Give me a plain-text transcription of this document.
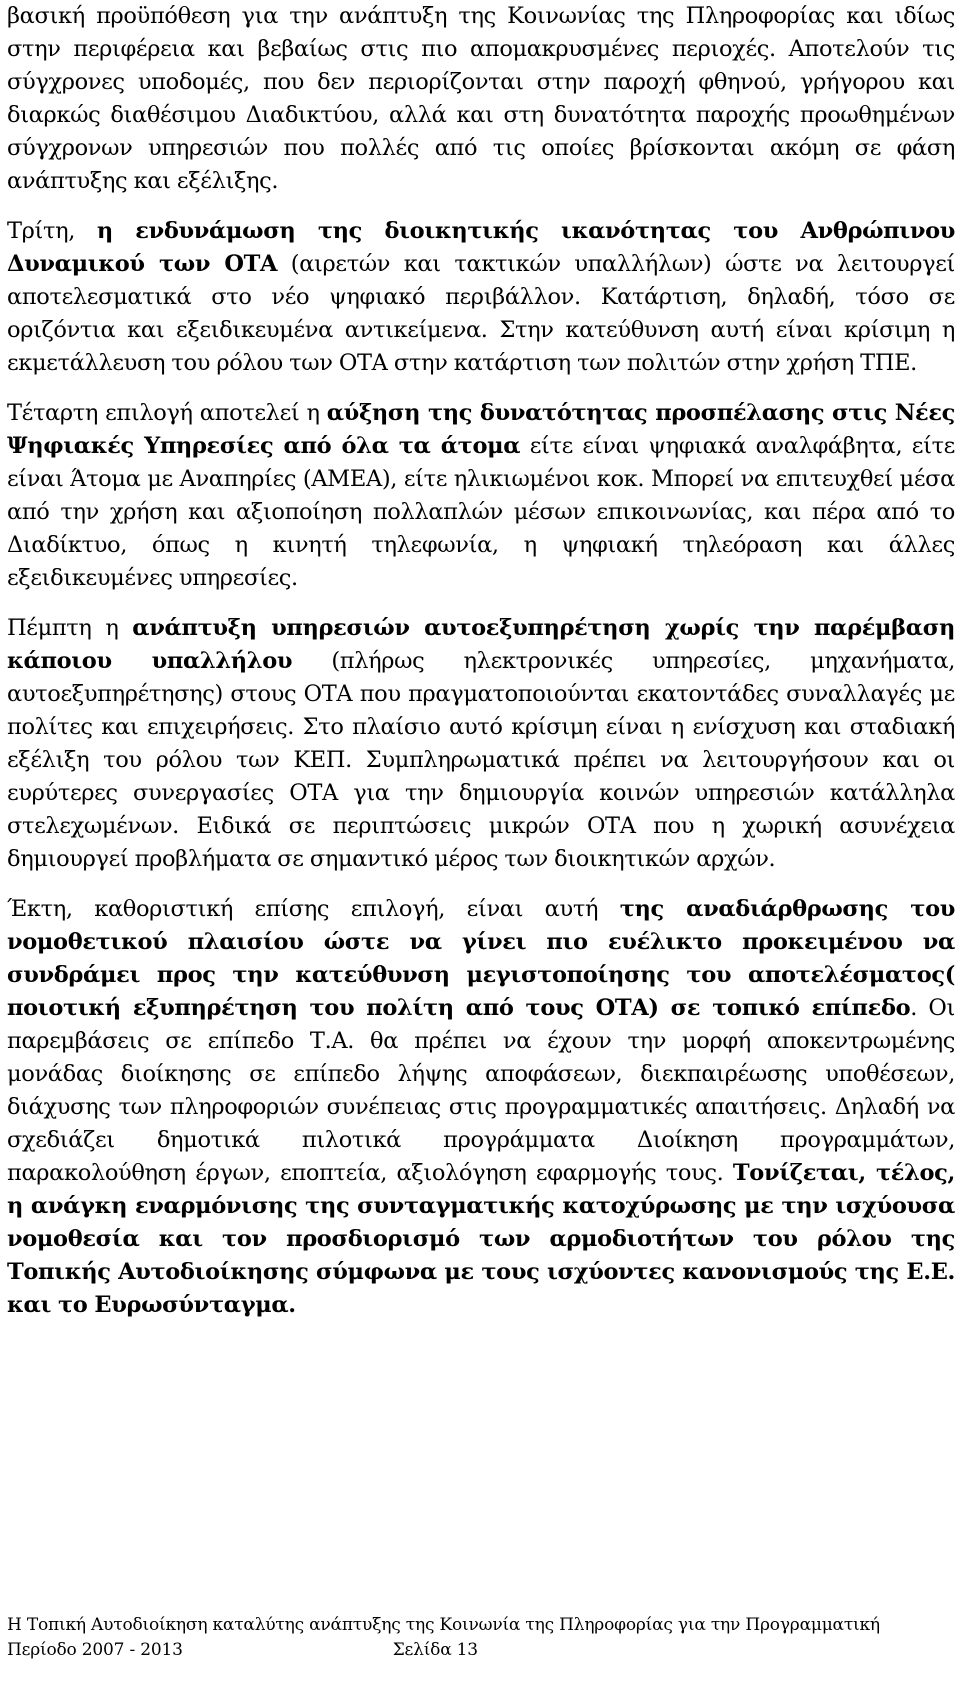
βασική προϋπόθεση για την ανάπτυξη της Κοινωνίας της Πληροφορίας και ιδίως στην περιφέρεια και βεβαίως στις πιο απομακρυσμένες περιοχές. Αποτελούν τις σύγχρονες υποδομές, που δεν περιορίζονται στην παροχή φθηνού, γρήγορου και διαρκώς διαθέσιμου Διαδικτύου, αλλά και στη δυνατότητα παροχής προωθημένων σύγχρονων υπηρεσιών που πολλές από τις οποίες βρίσκονται ακόμη σε φάση ανάπτυξης και εξέλιξης.

Τρίτη, η ενδυνάμωση της διοικητικής ικανότητας του Ανθρώπινου Δυναμικού των ΟΤΑ (αιρετών και τακτικών υπαλλήλων) ώστε να λειτουργεί αποτελεσματικά στο νέο ψηφιακό περιβάλλον. Κατάρτιση, δηλαδή, τόσο σε οριζόντια και εξειδικευμένα αντικείμενα. Στην κατεύθυνση αυτή είναι κρίσιμη η εκμετάλλευση του ρόλου των ΟΤΑ στην κατάρτιση των πολιτών στην χρήση ΤΠΕ.

Τέταρτη επιλογή αποτελεί η αύξηση της δυνατότητας προσπέλασης στις Νέες Ψηφιακές Υπηρεσίες από όλα τα άτομα είτε είναι ψηφιακά αναλφάβητα, είτε είναι Άτομα με Αναπηρίες (ΑΜΕΑ), είτε ηλικιωμένοι κοκ. Μπορεί να επιτευχθεί μέσα από την χρήση και αξιοποίηση πολλαπλών μέσων επικοινωνίας, και πέρα από το Διαδίκτυο, όπως η κινητή τηλεφωνία, η ψηφιακή τηλεόραση και άλλες εξειδικευμένες υπηρεσίες.

Πέμπτη η ανάπτυξη υπηρεσιών αυτοεξυπηρέτηση χωρίς την παρέμβαση κάποιου υπαλλήλου (πλήρως ηλεκτρονικές υπηρεσίες, μηχανήματα, αυτοεξυπηρέτησης) στους ΟΤΑ που πραγματοποιούνται εκατοντάδες συναλλαγές με πολίτες και επιχειρήσεις. Στο πλαίσιο αυτό κρίσιμη είναι η ενίσχυση και σταδιακή εξέλιξη του ρόλου των ΚΕΠ. Συμπληρωματικά πρέπει να λειτουργήσουν και οι ευρύτερες συνεργασίες ΟΤΑ για την δημιουργία κοινών υπηρεσιών κατάλληλα στελεχωμένων. Ειδικά σε περιπτώσεις μικρών ΟΤΑ που η χωρική ασυνέχεια δημιουργεί προβλήματα σε σημαντικό μέρος των διοικητικών αρχών.

Έκτη, καθοριστική επίσης επιλογή, είναι αυτή της αναδιάρθρωσης του νομοθετικού πλαισίου ώστε να γίνει πιο ευέλικτο προκειμένου να συνδράμει προς την κατεύθυνση μεγιστοποίησης του αποτελέσματος( ποιοτική εξυπηρέτηση του πολίτη από τους ΟΤΑ) σε τοπικό επίπεδο. Οι παρεμβάσεις σε επίπεδο Τ.Α. θα πρέπει να έχουν την μορφή αποκεντρωμένης μονάδας διοίκησης σε επίπεδο λήψης αποφάσεων, διεκπαιρέωσης υποθέσεων, διάχυσης των πληροφοριών συνέπειας στις προγραμματικές απαιτήσεις. Δηλαδή να σχεδιάζει δημοτικά πιλοτικά προγράμματα Διοίκηση προγραμμάτων, παρακολούθηση έργων, εποπτεία, αξιολόγηση εφαρμογής τους. Τονίζεται, τέλος, η ανάγκη εναρμόνισης της συνταγματικής κατοχύρωσης με την ισχύουσα νομοθεσία και τον προσδιορισμό των αρμοδιοτήτων του ρόλου της Τοπικής Αυτοδιοίκησης σύμφωνα με τους ισχύοντες κανονισμούς της Ε.Ε. και το Ευρωσύνταγμα.

Η Τοπική Αυτοδιοίκηση καταλύτης ανάπτυξης της Κοινωνία της Πληροφορίας για την Προγραμματική
Περίοδο 2007 - 2013	Σελίδα 13
